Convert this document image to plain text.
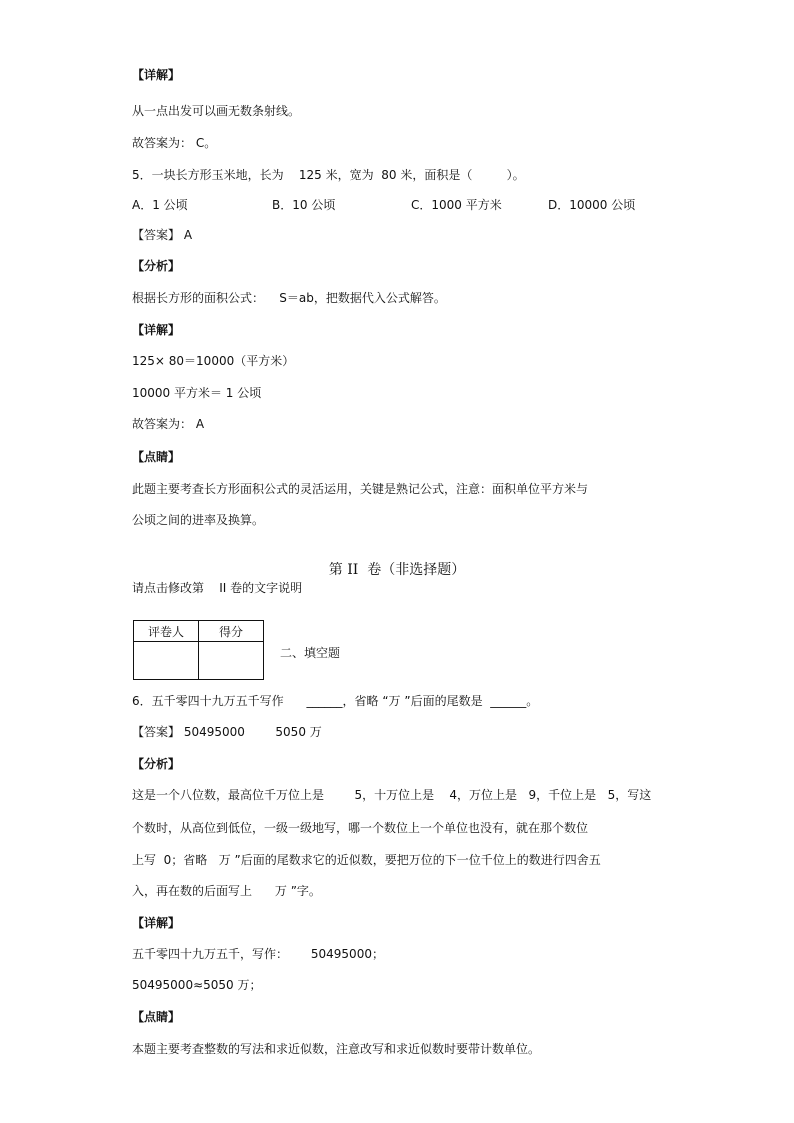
【详解】
从一点出发可以画无数条射线。
故答案为： C。
5．一块长方形玉米地，长为    125 米，宽为  80 米，面积是（         ）。
A．1 公顷	B．10 公顷	C．1000 平方米	D．10000 公顷
【答案】 A
【分析】
根据长方形的面积公式：    S＝ab，把数据代入公式解答。
【详解】
125× 80＝10000（平方米）
10000 平方米＝ 1 公顷
故答案为： A
【点睛】
此题主要考查长方形面积公式的灵活运用，关键是熟记公式，注意：面积单位平方米与
公顷之间的进率及换算。
第 II  卷（非选择题）
请点击修改第    II 卷的文字说明
评卷人	得分

二、填空题
6．五千零四十九万五千写作      ______，省略 “万 ”后面的尾数是  ______。
【答案】 50495000        5050 万
【分析】
这是一个八位数，最高位千万位上是        5，十万位上是    4，万位上是   9，千位上是   5，写这
个数时，从高位到低位，一级一级地写，哪一个数位上一个单位也没有，就在那个数位
上写  0；省略   万 ”后面的尾数求它的近似数，要把万位的下一位千位上的数进行四舍五
入，再在数的后面写上      万 ”字。
【详解】
五千零四十九万五千，写作：      50495000；
50495000≈5050 万；
【点睛】
本题主要考查整数的写法和求近似数，注意改写和求近似数时要带计数单位。
